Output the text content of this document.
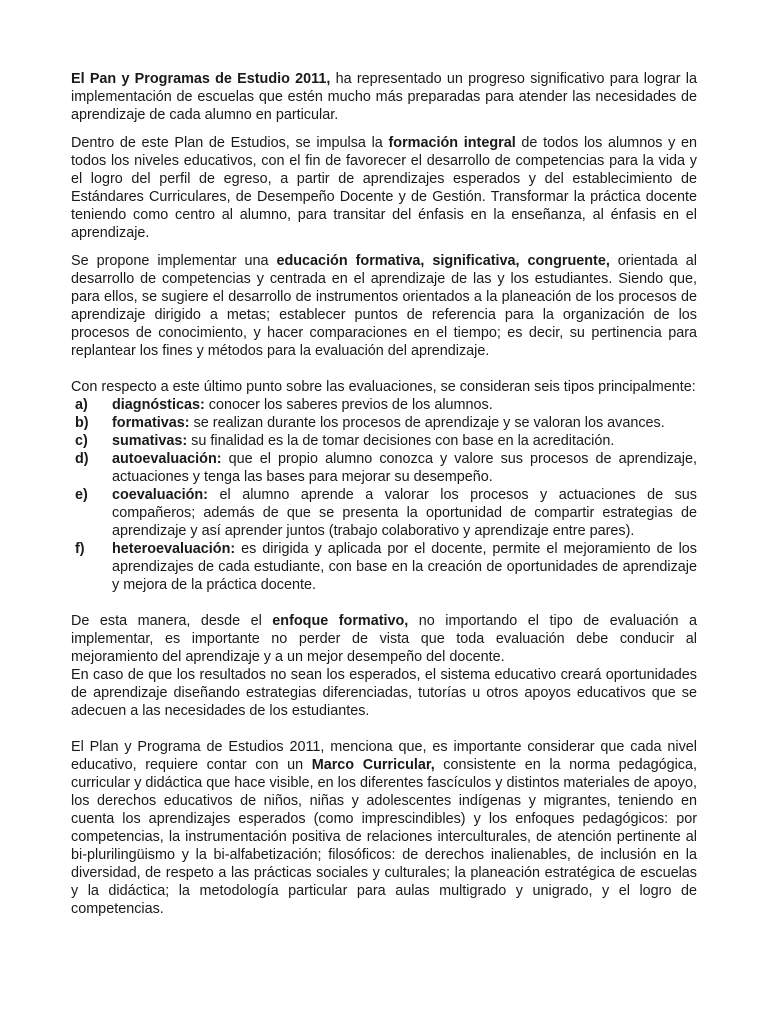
El Pan y Programas de Estudio 2011, ha representado un progreso significativo para lograr la implementación de escuelas que estén mucho más preparadas para atender las necesidades de aprendizaje de cada alumno en particular.

Dentro de este Plan de Estudios, se impulsa la formación integral de todos los alumnos y en todos los niveles educativos, con el fin de favorecer el desarrollo de competencias para la vida y el logro del perfil de egreso, a partir de aprendizajes esperados y del establecimiento de Estándares Curriculares, de Desempeño Docente y de Gestión. Transformar la práctica docente teniendo como centro al alumno, para transitar del énfasis en la enseñanza, al énfasis en el aprendizaje.

Se propone implementar una educación formativa, significativa, congruente, orientada al desarrollo de competencias y centrada en el aprendizaje de las y los estudiantes. Siendo que, para ellos, se sugiere el desarrollo de instrumentos orientados a la planeación de los procesos de aprendizaje dirigido a metas; establecer puntos de referencia para la organización de los procesos de conocimiento, y hacer comparaciones en el tiempo; es decir, su pertinencia para replantear los fines y métodos para la evaluación del aprendizaje.

Con respecto a este último punto sobre las evaluaciones, se consideran seis tipos principalmente:

a) diagnósticas: conocer los saberes previos de los alumnos.
b) formativas: se realizan durante los procesos de aprendizaje y se valoran los avances.
c) sumativas: su finalidad es la de tomar decisiones con base en la acreditación.
d) autoevaluación: que el propio alumno conozca y valore sus procesos de aprendizaje, actuaciones y tenga las bases para mejorar su desempeño.
e) coevaluación: el alumno aprende a valorar los procesos y actuaciones de sus compañeros; además de que se presenta la oportunidad de compartir estrategias de aprendizaje y así aprender juntos (trabajo colaborativo y aprendizaje entre pares).
f) heteroevaluación: es dirigida y aplicada por el docente, permite el mejoramiento de los aprendizajes de cada estudiante, con base en la creación de oportunidades de aprendizaje y mejora de la práctica docente.

De esta manera, desde el enfoque formativo, no importando el tipo de evaluación a implementar, es importante no perder de vista que toda evaluación debe conducir al mejoramiento del aprendizaje y a un mejor desempeño del docente.

En caso de que los resultados no sean los esperados, el sistema educativo creará oportunidades de aprendizaje diseñando estrategias diferenciadas, tutorías u otros apoyos educativos que se adecuen a las necesidades de los estudiantes.

El Plan y Programa de Estudios 2011, menciona que, es importante considerar que cada nivel educativo, requiere contar con un Marco Curricular, consistente en la norma pedagógica, curricular y didáctica que hace visible, en los diferentes fascículos y distintos materiales de apoyo, los derechos educativos de niños, niñas y adolescentes indígenas y migrantes, teniendo en cuenta los aprendizajes esperados (como imprescindibles) y los enfoques pedagógicos: por competencias, la instrumentación positiva de relaciones interculturales, de atención pertinente al bi-plurilingüismo y la bi-alfabetización; filosóficos: de derechos inalienables, de inclusión en la diversidad, de respeto a las prácticas sociales y culturales; la planeación estratégica de escuelas y la didáctica; la metodología particular para aulas multigrado y unigrado, y el logro de competencias.
